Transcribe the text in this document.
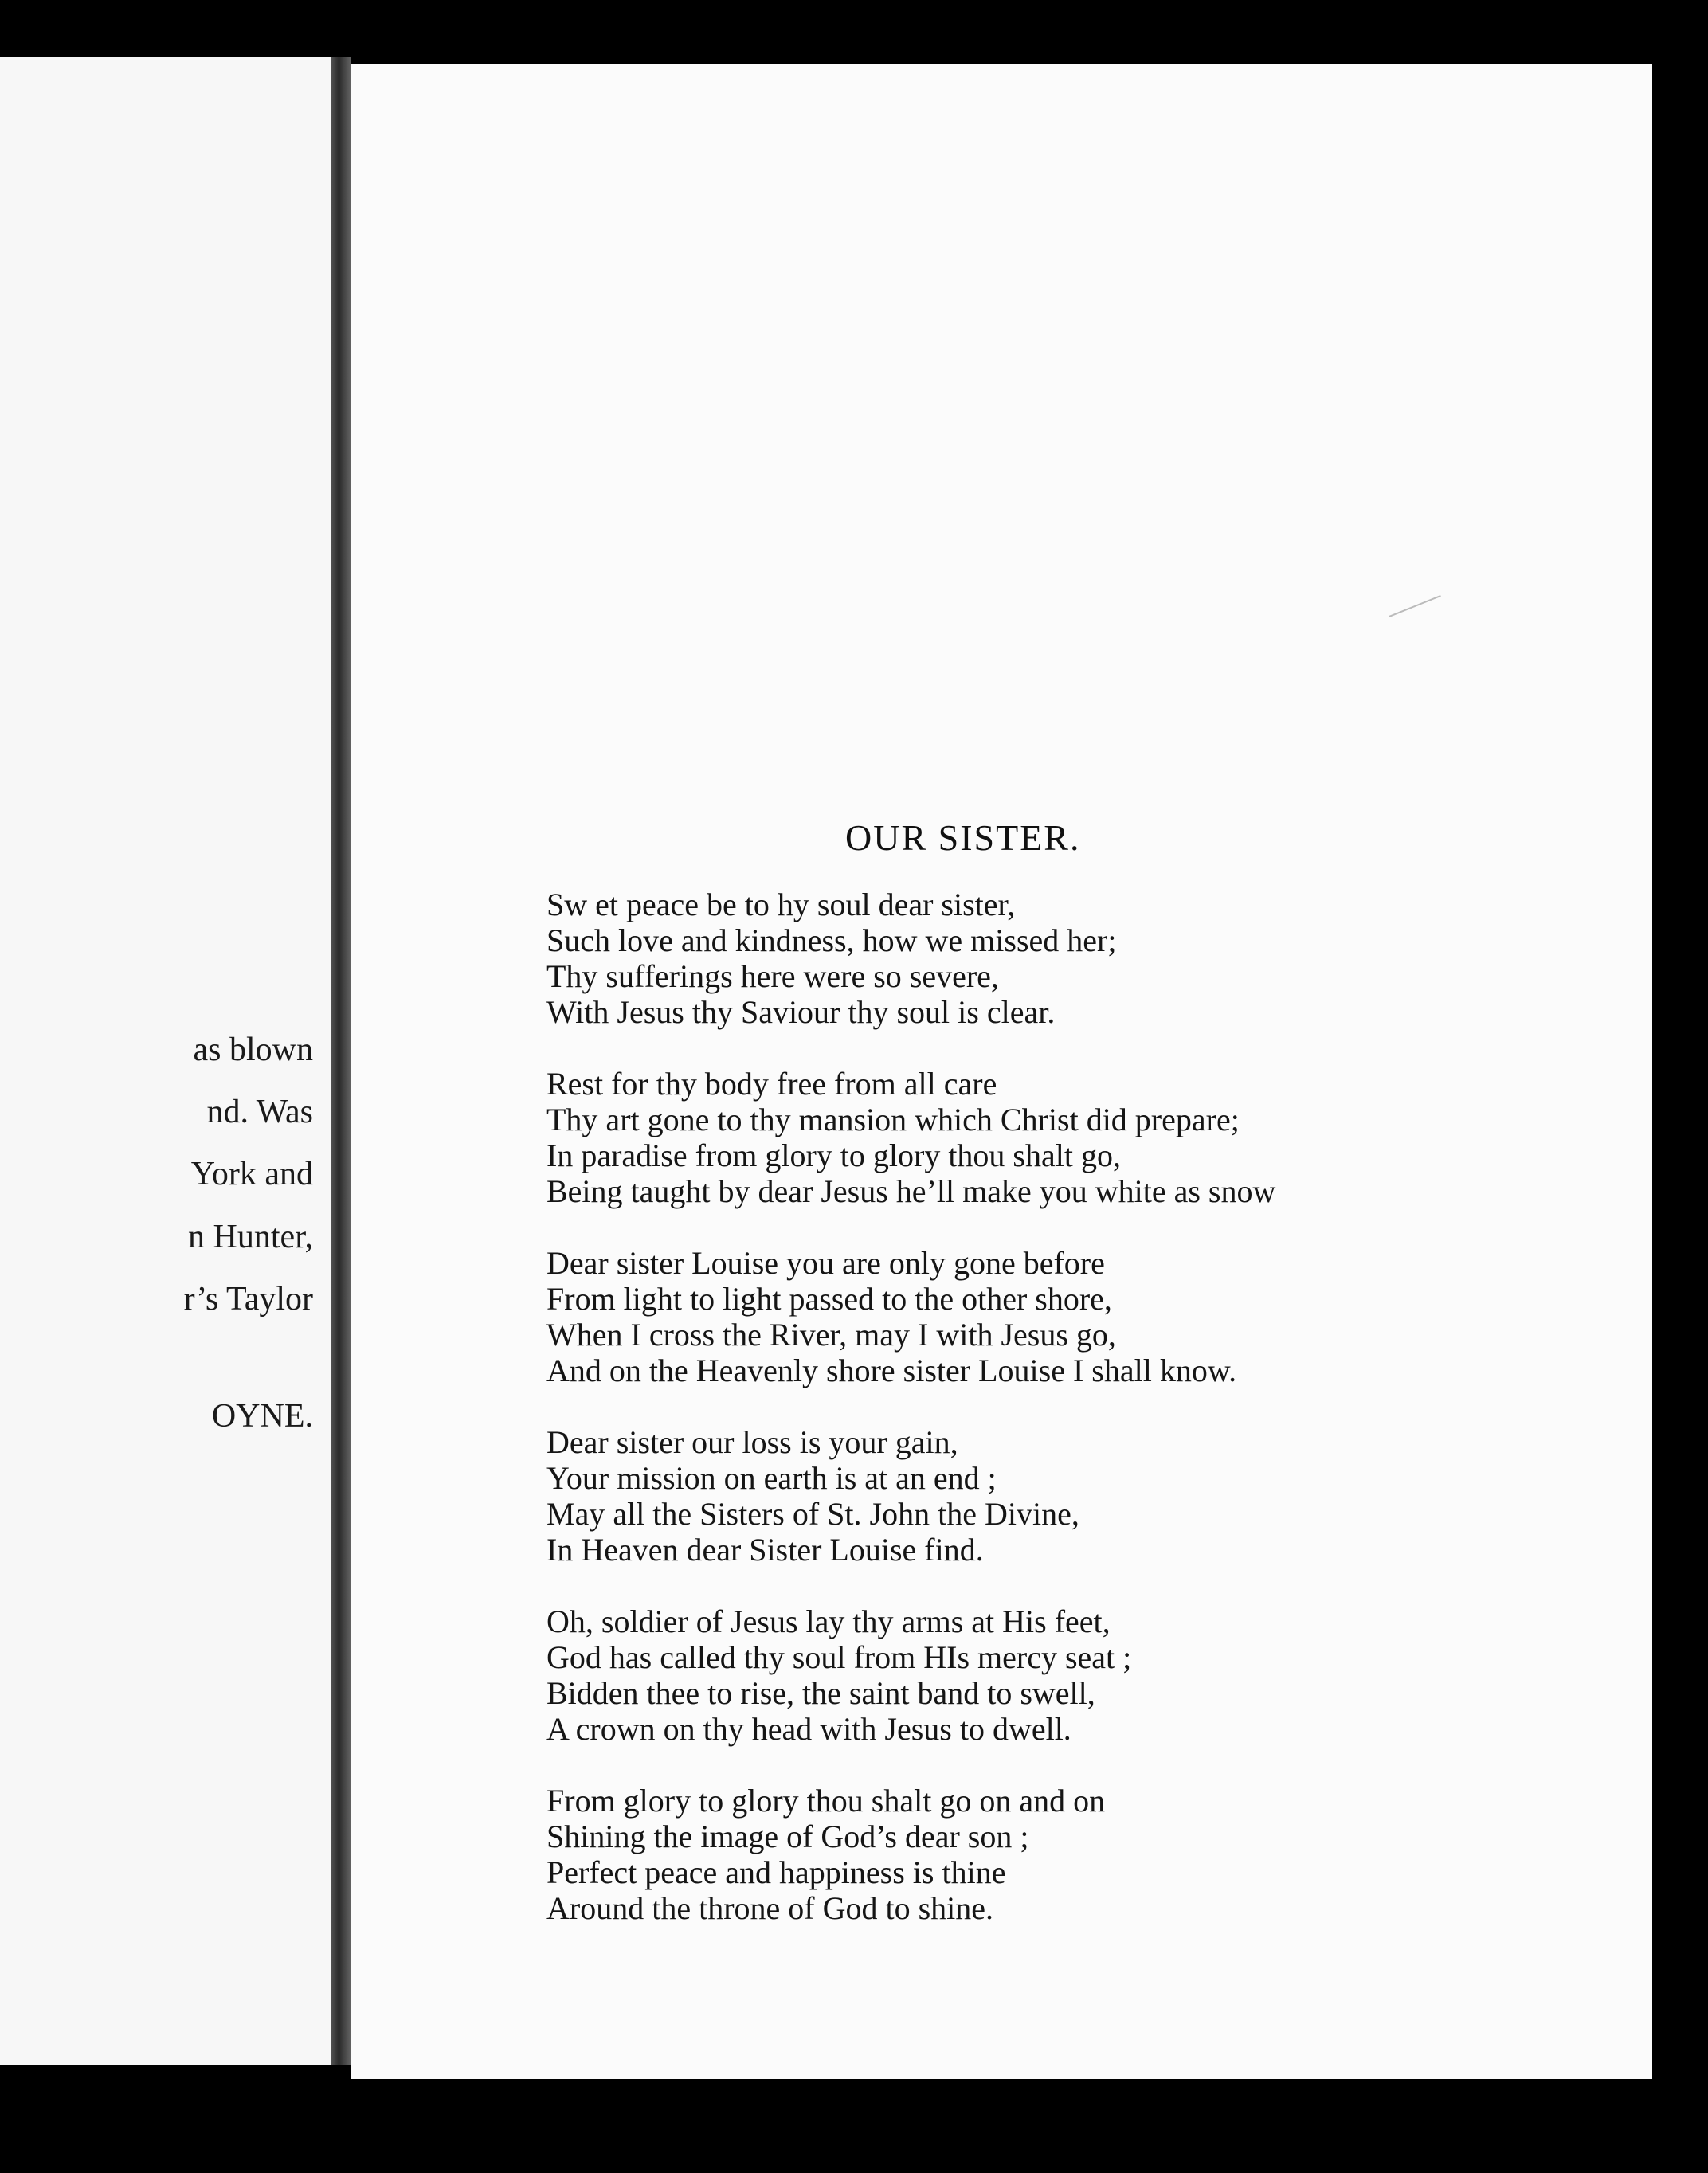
as blown

nd. Was

York and

n Hunter,

r’s Taylor

OYNE.

OUR SISTER.
Sw et peace be to hy soul dear sister,
Such love and kindness, how we missed her;
Thy sufferings here were so severe,
With Jesus thy Saviour thy soul is clear.
Rest for thy body free from all care
Thy art gone to thy mansion which Christ did prepare;
In paradise from glory to glory thou shalt go,
Being taught by dear Jesus he’ll make you white as snow
Dear sister Louise you are only gone before
From light to light passed to the other shore,
When I cross the River, may I with Jesus go,
And on the Heavenly shore sister Louise I shall know.
Dear sister our loss is your gain,
Your mission on earth is at an end ;
May all the Sisters of St. John the Divine,
In Heaven dear Sister Louise find.
Oh, soldier of Jesus lay thy arms at His feet,
God has called thy soul from HIs mercy seat ;
Bidden thee to rise, the saint band to swell,
A crown on thy head with Jesus to dwell.
From glory to glory thou shalt go on and on
Shining the image of God’s dear son ;
Perfect peace and happiness is thine
Around the throne of God to shine.
